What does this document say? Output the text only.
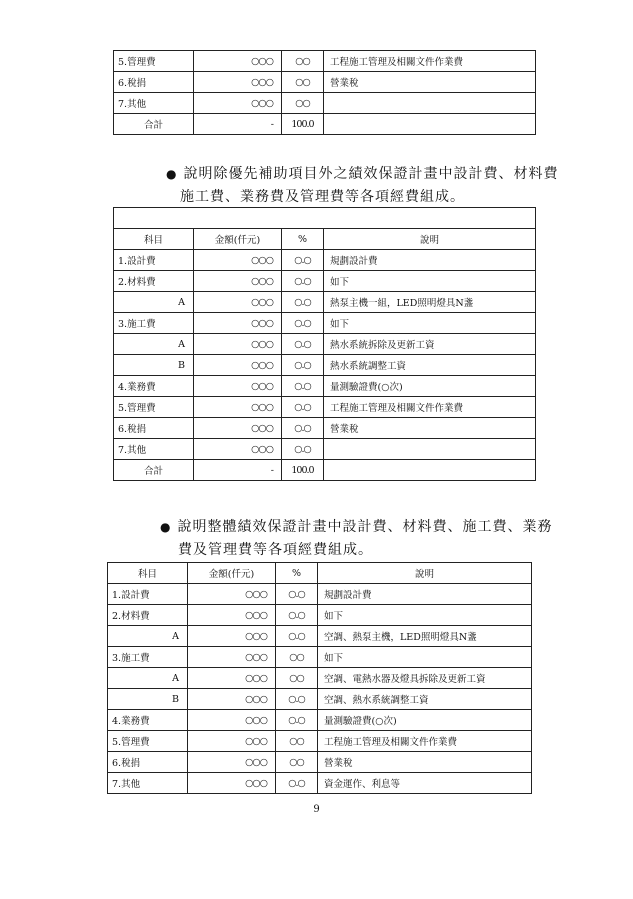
5.管理費	○○○	○○	工程施工管理及相關文件作業費
6.稅捐	○○○	○○	營業稅
7.其他	○○○	○○	
合計	-	100.0	
● 說明除優先補助項目外之績效保證計畫中設計費、材料費
施工費、業務費及管理費等各項經費組成。

科目	金額(仟元)	%	說明
1.設計費	○○○	○.○	規劃設計費
2.材料費	○○○	○.○	如下
A	○○○	○.○	熱泵主機一組，LED照明燈具N盞
3.施工費	○○○	○.○	如下
A	○○○	○.○	熱水系統拆除及更新工資
B	○○○	○.○	熱水系統調整工資
4.業務費	○○○	○.○	量測驗證費(○次)
5.管理費	○○○	○.○	工程施工管理及相關文件作業費
6.稅捐	○○○	○.○	營業稅
7.其他	○○○	○.○	
合計	-	100.0	
● 說明整體績效保證計畫中設計費、材料費、施工費、業務
費及管理費等各項經費組成。
科目	金額(仟元)	%	說明
1.設計費	○○○	○.○	規劃設計費
2.材料費	○○○	○.○	如下
A	○○○	○.○	空調、熱泵主機，LED照明燈具N盞
3.施工費	○○○	○○	如下
A	○○○	○○	空調、電熱水器及燈具拆除及更新工資
B	○○○	○.○	空調、熱水系統調整工資
4.業務費	○○○	○.○	量測驗證費(○次)
5.管理費	○○○	○○	工程施工管理及相關文件作業費
6.稅捐	○○○	○○	營業稅
7.其他	○○○	○.○	資金運作、利息等
9
